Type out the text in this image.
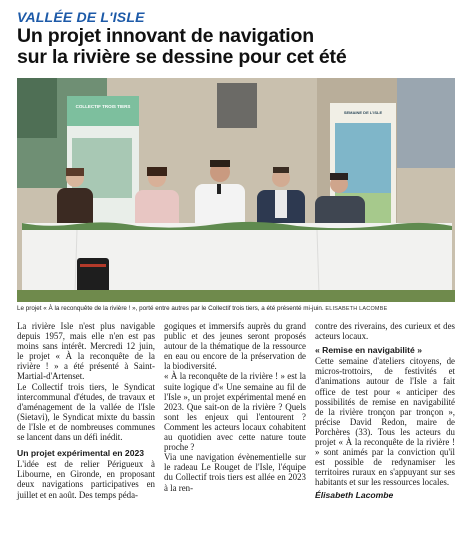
VALLÉE DE L'ISLE
Un projet innovant de navigation
sur la rivière se dessine pour cet été
COLLECTIF TROIS TIERS
SEMAINE DE L'ISLE
Le projet « À la reconquête de la rivière ! », porté entre autres par le Collectif trois tiers, a été présenté mi-juin. ELISABETH LACOMBE

La rivière Isle n'est plus navigable depuis 1957, mais elle n'en est pas moins sans intérêt. Mercredi 12 juin, le projet « À la reconquête de la rivière ! » a été présenté à Saint-Martial-d'Artenset.

Le Collectif trois tiers, le Syndicat intercommunal d'études, de travaux et d'aménagement de la vallée de l'Isle (Sietavi), le Syndicat mixte du bassin de l'Isle et de nombreuses communes se lancent dans un défi inédit.

Un projet expérimental en 2023

L'idée est de relier Périgueux à Libourne, en Gironde, en proposant deux navigations participatives en juillet et en août. Des temps péda-

gogiques et immersifs auprès du grand public et des jeunes seront proposés autour de la thématique de la ressource en eau ou encore de la préservation de la biodiversité.

« À la reconquête de la rivière ! » est la suite logique d'« Une semaine au fil de l'Isle », un projet expérimental mené en 2023. Que sait-on de la rivière ? Quels sont les enjeux qui l'entourent ? Comment les acteurs locaux cohabitent au quotidien avec cette nature toute proche ?

Via une navigation évènementielle sur le radeau Le Rouget de l'Isle, l'équipe du Collectif trois tiers est allée en 2023 à la ren-

contre des riverains, des curieux et des acteurs locaux.

« Remise en navigabilité »

Cette semaine d'ateliers citoyens, de micros-trottoirs, de festivités et d'animations autour de l'Isle a fait office de test pour « anticiper des possibilités de remise en navigabilité de la rivière tronçon par tronçon », précise David Redon, maire de Porchères (33). Tous les acteurs du projet « À la reconquête de la rivière ! » sont animés par la conviction qu'il est possible de redynamiser les territoires ruraux en s'appuyant sur ses habitants et sur les ressources locales.

Élisabeth Lacombe
